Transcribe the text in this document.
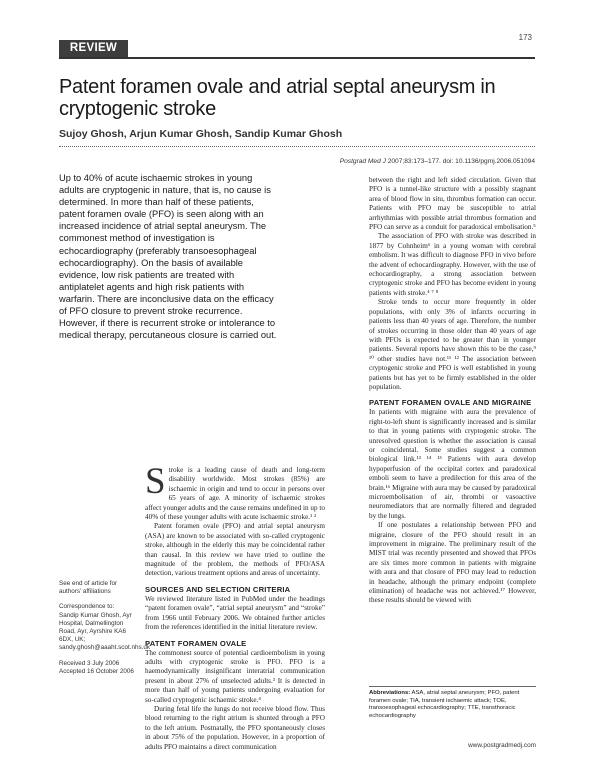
173
REVIEW
Patent foramen ovale and atrial septal aneurysm in cryptogenic stroke
Sujoy Ghosh, Arjun Kumar Ghosh, Sandip Kumar Ghosh
Postgrad Med J 2007;83:173–177. doi: 10.1136/pgmj.2006.051094
Up to 40% of acute ischaemic strokes in young adults are cryptogenic in nature, that is, no cause is determined. In more than half of these patients, patent foramen ovale (PFO) is seen along with an increased incidence of atrial septal aneurysm. The commonest method of investigation is echocardiography (preferably transoesophageal echocardiography). On the basis of available evidence, low risk patients are treated with antiplatelet agents and high risk patients with warfarin. There are inconclusive data on the efficacy of PFO closure to prevent stroke recurrence. However, if there is recurrent stroke or intolerance to medical therapy, percutaneous closure is carried out.

Stroke is a leading cause of death and long-term disability worldwide. Most strokes (85%) are ischaemic in origin and tend to occur in persons over 65 years of age. A minority of ischaemic strokes affect younger adults and the cause remains undefined in up to 40% of these younger adults with acute ischaemic stroke.¹ ²

Patent foramen ovale (PFO) and atrial septal aneurysm (ASA) are known to be associated with so-called cryptogenic stroke, although in the elderly this may be coincidental rather than causal. In this review we have tried to outline the magnitude of the problem, the methods of PFO/ASA detection, various treatment options and areas of uncertainty.

SOURCES AND SELECTION CRITERIA

We reviewed literature listed in PubMed under the headings “patent foramen ovale”, “atrial septal aneurysm” and “stroke” from 1966 until February 2006. We obtained further articles from the references identified in the initial literature review.

PATENT FORAMEN OVALE

The commonest source of potential cardioembolism in young adults with cryptogenic stroke is PFO. PFO is a haemodynamically insignificant interatrial communication present in about 27% of unselected adults.³ It is detected in more than half of young patients undergoing evaluation for so-called cryptogenic ischaemic stroke.⁴

During fetal life the lungs do not receive blood flow. Thus blood returning to the right atrium is shunted through a PFO to the left atrium. Postnatally, the PFO spontaneously closes in about 75% of the population. However, in a proportion of adults PFO maintains a direct communication

between the right and left sided circulation. Given that PFO is a tunnel-like structure with a possibly stagnant area of blood flow in situ, thrombus formation can occur. Patients with PFO may be susceptible to atrial arrhythmias with possible atrial thrombus formation and PFO can serve as a conduit for paradoxical embolisation.⁵

The association of PFO with stroke was described in 1877 by Cohnheim⁶ in a young woman with cerebral embolism. It was difficult to diagnose PFO in vivo before the advent of echocardiography. However, with the use of echocardiography, a strong association between cryptogenic stroke and PFO has become evident in young patients with stroke.⁴ ⁷ ⁸

Stroke tends to occur more frequently in older populations, with only 3% of infarcts occurring in patients less than 40 years of age. Therefore, the number of strokes occurring in those older than 40 years of age with PFOs is expected to be greater than in younger patients. Several reports have shown this to be the case,⁹ ¹⁰ other studies have not.¹¹ ¹² The association between cryptogenic stroke and PFO is well established in young patients but has yet to be firmly established in the older population.

PATENT FORAMEN OVALE AND MIGRAINE

In patients with migraine with aura the prevalence of right-to-left shunt is significantly increased and is similar to that in young patients with cryptogenic stroke. The unresolved question is whether the association is causal or coincidental. Some studies suggest a common biological link.¹³ ¹⁴ ¹⁵ Patients with aura develop hypoperfusion of the occipital cortex and paradoxical emboli seem to have a predilection for this area of the brain.¹⁶ Migraine with aura may be caused by paradoxical microembolisation of air, thrombi or vasoactive neuromediators that are normally filtered and degraded by the lungs.

If one postulates a relationship between PFO and migraine, closure of the PFO should result in an improvement in migraine. The preliminary result of the MIST trial was recently presented and showed that PFOs are six times more common in patients with migraine with aura and that closure of PFO may lead to reduction in headache, although the primary endpoint (complete elimination) of headache was not achieved.¹⁷ However, these results should be viewed with

See end of article for authors’ affiliations
Correspondence to:
Sandip Kumar Ghosh, Ayr Hospital, Dalmellington Road, Ayr, Ayrshire KA6 6DX, UK; sandy.ghosh@aaaht.scot.nhs.uk
Received 3 July 2006
Accepted 16 October 2006
Abbreviations: ASA, atrial septal aneurysm; PFO, patent foramen ovale; TIA, transient ischaemic attack; TOE, transoesophageal echocardiography; TTE, transthoracic echocardiography
www.postgradmedj.com
